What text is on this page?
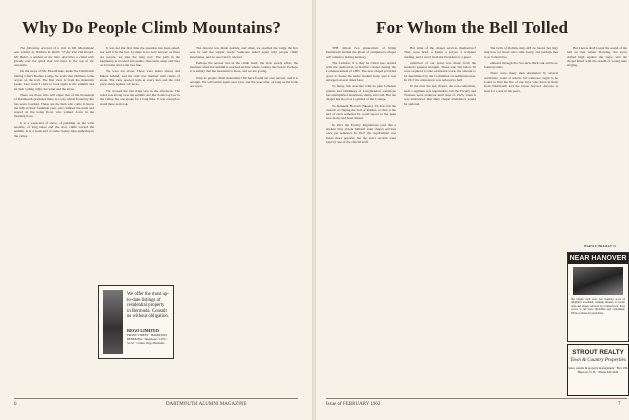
Why Do People Climb Mountains?

The following account of a visit to Mt. Moosilauke was written by William R. Balch '57 for The Dartmouth. Mr. Balch, a student at the time, describes a climb with friends and the spirit that led them to the top of the mountain.

On the slope of Mt. Moosilauke, under the Dartmouth Outing Club's Ravine Lodge, lie walls that climbers come across on the trail. The first view is from the mountain peaks. Last week I came to look again at the summit and its dark rolling ridge, the wind and the snow.

There are those who will argue that of the thousands of Dartmouth graduates there is a way which fraternity life has never touched. These are the men who came to know the hills in their freshman year, who climbed the trails and stayed on the lodge floor, who walked down in the morning frost.

It is a week-end of snow, of paddling on the wide streams, of long hikes and the slow climb toward the summit. It is a week-end of some twenty men gathering in the valley.

It was not the first time the question has been asked, nor will it be the last. So there is no easy answer; as there are people, we take the long way. The path in the beginning is wooded and gentle, then turns steep and bare as it breaks above the tree line.

We were not alone. There were skiers ahead, and hikers behind, and the trail was marked with cairns of stone. The view opened wide at every turn and the cold grew sharp against our faces.

We crossed the last ridge late in the afternoon. The wind was strong over the summit and the clouds lay low in the valley. No one spoke for a long time. It was enough to stand there and look.

The descent was made quickly, and when we reached the lodge the fire was lit and the supper ready. Someone asked again why people climb mountains, and no one tried to answer.

Perhaps the answer lies in the climb itself, the slow steady effort, the moment when the summit is reached and the whole country lies below. Perhaps it is simply that the mountain is there, and we are young.

Why do people climb mountains? We have found our own answer, and it is enough. We will return again next year, and the year after, as long as the trails are open.

We offer the most up-to-date listings of residential property in Bermuda. Consult us without obligation.
REGO LIMITED
FRONT STREET · HAMILTON, BERMUDA · Telephone: 1-0711 · 52-52 · Cables: Rego Bermuda
6
For Whom the Bell Tolled

THE almost two generations of living Dartmouth alumni the ghost of compulsory chapel will remain a lasting memory.

The tradition, if it may be called one, started with the dedication of Rollins Chapel during the Commencement of 1885. The new chapel provided space to house the entire student body, and it was enlarged several times later.

To many, this structure with its pink Lebanon granite and trimmings of Longmeadow sandstone has exemplified dreariness, damp and cold. But the chapel has stood as a symbol of the College.

To Kenneth Howard (Skeets) '19, has fell the custom of ringing the bell of Rollins, so that at the end of each semester he could report to the dean how many had been absent.

In 1921 the Faculty Regulations read that a student may absent himself from chapel services once per semester. In 1927 the requirement was made more popular, but the exact records were kept by one of the official staff.

But what of the chapel services themselves? They were brief, a hymn, a prayer, a scripture reading, and a word from the President or a guest.

reduction of our point was made from the student's general strength. Those who fell below 50 were required to take additional work, the amount to be determined by the Committee on Administration. In 1917 the attendance was reduced to half.

In the end, the last chapel, the non-conformist, such a regimen was unpalatable, but the Faculty and Trustees were obdurate until June of 1925, when it was announced that daily chapel attendance would be optional.

The bells of Rollins may still be heard, but they ring now for those who come freely, and perhaps that is as it should be.

unheard through the two-inch-thick oak and iron-bound portals.

There were many men attempted by several renditions, some of whom. Yet someone ought to be found to find the fire of our boys who drew in Pelts from Dartmouth and the forest beyond. Anyone at least for a seat in the pews.

But I never shall forget the sound of the bell on that winter morning, the snow drifted high against the steps, and the chapel filled with the breath of young men singing.

HAROLD BRAMAN '21
NEAR HANOVER
Ski Chalet with over two hundred acres of delightful woodland, walking distance to scenic trails and slopes, serviced by a heated pool. Easy access to ski tows. Beautiful and convenient. Write or phone for particulars.
STROUT REALTY
Town & Country Properties
Sales, rentals & property management · Box 136, Hanover, N. H. · Phone 643-4244
DARTMOUTH ALUMNI MAGAZINE	Issue of FEBRUARY 1962	7
